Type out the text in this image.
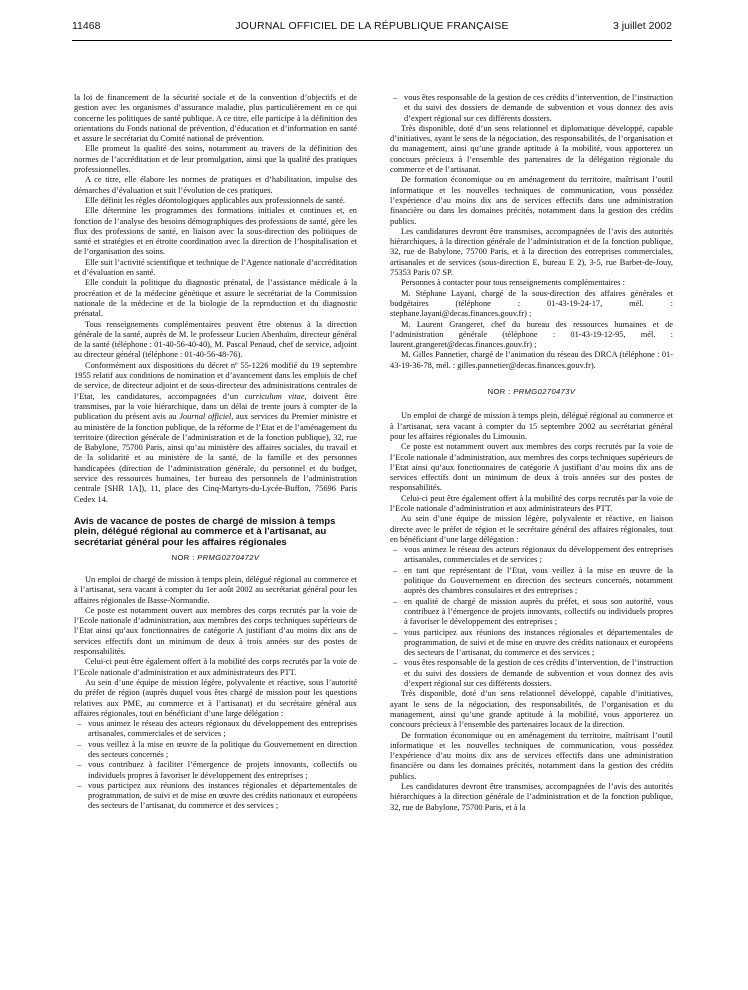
11468	JOURNAL OFFICIEL DE LA RÉPUBLIQUE FRANÇAISE	3 juillet 2002

la loi de financement de la sécurité sociale et de la convention d’objectifs et de gestion avec les organismes d’assurance maladie, plus particulièrement en ce qui concerne les politiques de santé publique. A ce titre, elle participe à la définition des orientations du Fonds national de prévention, d’éducation et d’information en santé et assure le secrétariat du Comité national de prévention.

Elle promeut la qualité des soins, notamment au travers de la définition des normes de l’accréditation et de leur promulgation, ainsi que la qualité des pratiques professionnelles.

A ce titre, elle élabore les normes de pratiques et d’habilitation, impulse des démarches d’évaluation et suit l’évolution de ces pratiques.

Elle définit les règles déontologiques applicables aux professionnels de santé.

Elle détermine les programmes des formations initiales et continues et, en fonction de l’analyse des besoins démographiques des professions de santé, gère les flux des professions de santé, en liaison avec la sous-direction des politiques de santé et stratégies et en étroite coordination avec la direction de l’hospitalisation et de l’organisation des soins.

Elle suit l’activité scientifique et technique de l’Agence nationale d’accréditation et d’évaluation en santé.

Elle conduit la politique du diagnostic prénatal, de l’assistance médicale à la procréation et de la médecine génétique et assure le secrétariat de la Commission nationale de la médecine et de la biologie de la reproduction et du diagnostic prénatal.

Tous renseignements complémentaires peuvent être obtenus à la direction générale de la santé, auprès de M. le professeur Lucien Abenhaïm, directeur général de la santé (téléphone : 01-40-56-40-40), M. Pascal Penaud, chef de service, adjoint au directeur général (téléphone : 01-40-56-48-76).

Conformément aux dispositions du décret nº 55-1226 modifié du 19 septembre 1955 relatif aux conditions de nomination et d’avancement dans les emplois de chef de service, de directeur adjoint et de sous-directeur des administrations centrales de l’Etat, les candidatures, accompagnées d’un curriculum vitae, doivent être transmises, par la voie hiérarchique, dans un délai de trente jours à compter de la publication du présent avis au Journal officiel, aux services du Premier ministre et au ministère de la fonction publique, de la réforme de l’Etat et de l’aménagement du territoire (direction générale de l’administration et de la fonction publique), 32, rue de Babylone, 75700 Paris, ainsi qu’au ministère des affaires sociales, du travail et de la solidarité et au ministère de la santé, de la famille et des personnes handicapées (direction de l’administration générale, du personnel et du budget, service des ressources humaines, 1er bureau des personnels de l’administration centrale [SHR 1A]), 11, place des Cinq-Martyrs-du-Lycée-Buffon, 75696 Paris Cedex 14.

Avis de vacance de postes de chargé de mission à temps plein, délégué régional au commerce et à l’artisanat, au secrétariat général pour les affaires régionales
NOR : PRMG0270472V

Un emploi de chargé de mission à temps plein, délégué régional au commerce et à l’artisanat, sera vacant à compter du 1er août 2002 au secrétariat général pour les affaires régionales de Basse-Normandie.

Ce poste est notamment ouvert aux membres des corps recrutés par la voie de l’Ecole nationale d’administration, aux membres des corps techniques supérieurs de l’Etat ainsi qu’aux fonctionnaires de catégorie A justifiant d’au moins dix ans de services effectifs dont un minimum de deux à trois années sur des postes de responsabilités.

Celui-ci peut être également offert à la mobilité des corps recrutés par la voie de l’Ecole nationale d’administration et aux administrateurs des PTT.

Au sein d’une équipe de mission légère, polyvalente et réactive, sous l’autorité du préfet de région (auprès duquel vous êtes chargé de mission pour les questions relatives aux PME, au commerce et à l’artisanat) et du secrétaire général aux affaires régionales, tout en bénéficiant d’une large délégation :

– vous animez le réseau des acteurs régionaux du développement des entreprises artisanales, commerciales et de services ;
– vous veillez à la mise en œuvre de la politique du Gouvernement en direction des secteurs concernés ;
– vous contribuez à faciliter l’émergence de projets innovants, collectifs ou individuels propres à favoriser le développement des entreprises ;
– vous participez aux réunions des instances régionales et départementales de programmation, de suivi et de mise en œuvre des crédits nationaux et européens des secteurs de l’artisanat, du commerce et des services ;
– vous êtes responsable de la gestion de ces crédits d’intervention, de l’instruction et du suivi des dossiers de demande de subvention et vous donnez des avis d’expert régional sur ces différents dossiers.

Très disponible, doté d’un sens relationnel et diplomatique développé, capable d’initiatives, ayant le sens de la négociation, des responsabilités, de l’organisation et du management, ainsi qu’une grande aptitude à la mobilité, vous apporterez un concours précieux à l’ensemble des partenaires de la délégation régionale du commerce et de l’artisanat.

De formation économique ou en aménagement du territoire, maîtrisant l’outil informatique et les nouvelles techniques de communication, vous possédez l’expérience d’au moins dix ans de services effectifs dans une administration financière ou dans les domaines précités, notamment dans la gestion des crédits publics.

Les candidatures devront être transmises, accompagnées de l’avis des autorités hiérarchiques, à la direction générale de l’administration et de la fonction publique, 32, rue de Babylone, 75700 Paris, et à la direction des entreprises commerciales, artisanales et de services (sous-direction E, bureau E 2), 3-5, rue Barbet-de-Jouy, 75353 Paris 07 SP.

Personnes à contacter pour tous renseignements complémentaires :

M. Stéphane Layani, chargé de la sous-direction des affaires générales et budgétaires (téléphone : 01-43-19-24-17, mél. : stephane.layani@decas.finances.gouv.fr) ;

M. Laurent Grangeret, chef du bureau des ressources humaines et de l’administration générale (téléphone : 01-43-19-12-95, mél. : laurent.grangeret@decas.finances.gouv.fr) ;

M. Gilles Pannetier, chargé de l’animation du réseau des DRCA (téléphone : 01-43-19-36-78, mél. : gilles.pannetier@decas.finances.gouv.fr).

NOR : PRMG0270473V

Un emploi de chargé de mission à temps plein, délégué régional au commerce et à l’artisanat, sera vacant à compter du 15 septembre 2002 au secrétariat général pour les affaires régionales du Limousin.

Ce poste est notamment ouvert aux membres des corps recrutés par la voie de l’Ecole nationale d’administration, aux membres des corps techniques supérieurs de l’Etat ainsi qu’aux fonctionnaires de catégorie A justifiant d’au moins dix ans de services effectifs dont un minimum de deux à trois années sur des postes de responsabilités.

Celui-ci peut être également offert à la mobilité des corps recrutés par la voie de l’Ecole nationale d’administration et aux administrateurs des PTT.

Au sein d’une équipe de mission légère, polyvalente et réactive, en liaison directe avec le préfet de région et le secrétaire général des affaires régionales, tout en bénéficiant d’une large délégation :

– vous animez le réseau des acteurs régionaux du développement des entreprises artisanales, commerciales et de services ;
– en tant que représentant de l’Etat, vous veillez à la mise en œuvre de la politique du Gouvernement en direction des secteurs concernés, notamment auprès des chambres consulaires et des entreprises ;
– en qualité de chargé de mission auprès du préfet, et sous son autorité, vous contribuez à l’émergence de projets innovants, collectifs ou individuels propres à favoriser le développement des entreprises ;
– vous participez aux réunions des instances régionales et départementales de programmation, de suivi et de mise en œuvre des crédits nationaux et européens des secteurs de l’artisanat, du commerce et des services ;
– vous êtes responsable de la gestion de ces crédits d’intervention, de l’instruction et du suivi des dossiers de demande de subvention et vous donnez des avis d’expert régional sur ces différents dossiers.

Très disponible, doté d’un sens relationnel développé, capable d’initiatives, ayant le sens de la négociation, des responsabilités, de l’organisation et du management, ainsi qu’une grande aptitude à la mobilité, vous apporterez un concours précieux à l’ensemble des partenaires locaux de la direction.

De formation économique ou en aménagement du territoire, maîtrisant l’outil informatique et les nouvelles techniques de communication, vous possédez l’expérience d’au moins dix ans de services effectifs dans une administration financière ou dans les domaines précités, notamment dans la gestion des crédits publics.

Les candidatures devront être transmises, accompagnées de l’avis des autorités hiérarchiques à la direction générale de l’administration et de la fonction publique, 32, rue de Babylone, 75700 Paris, et à la
